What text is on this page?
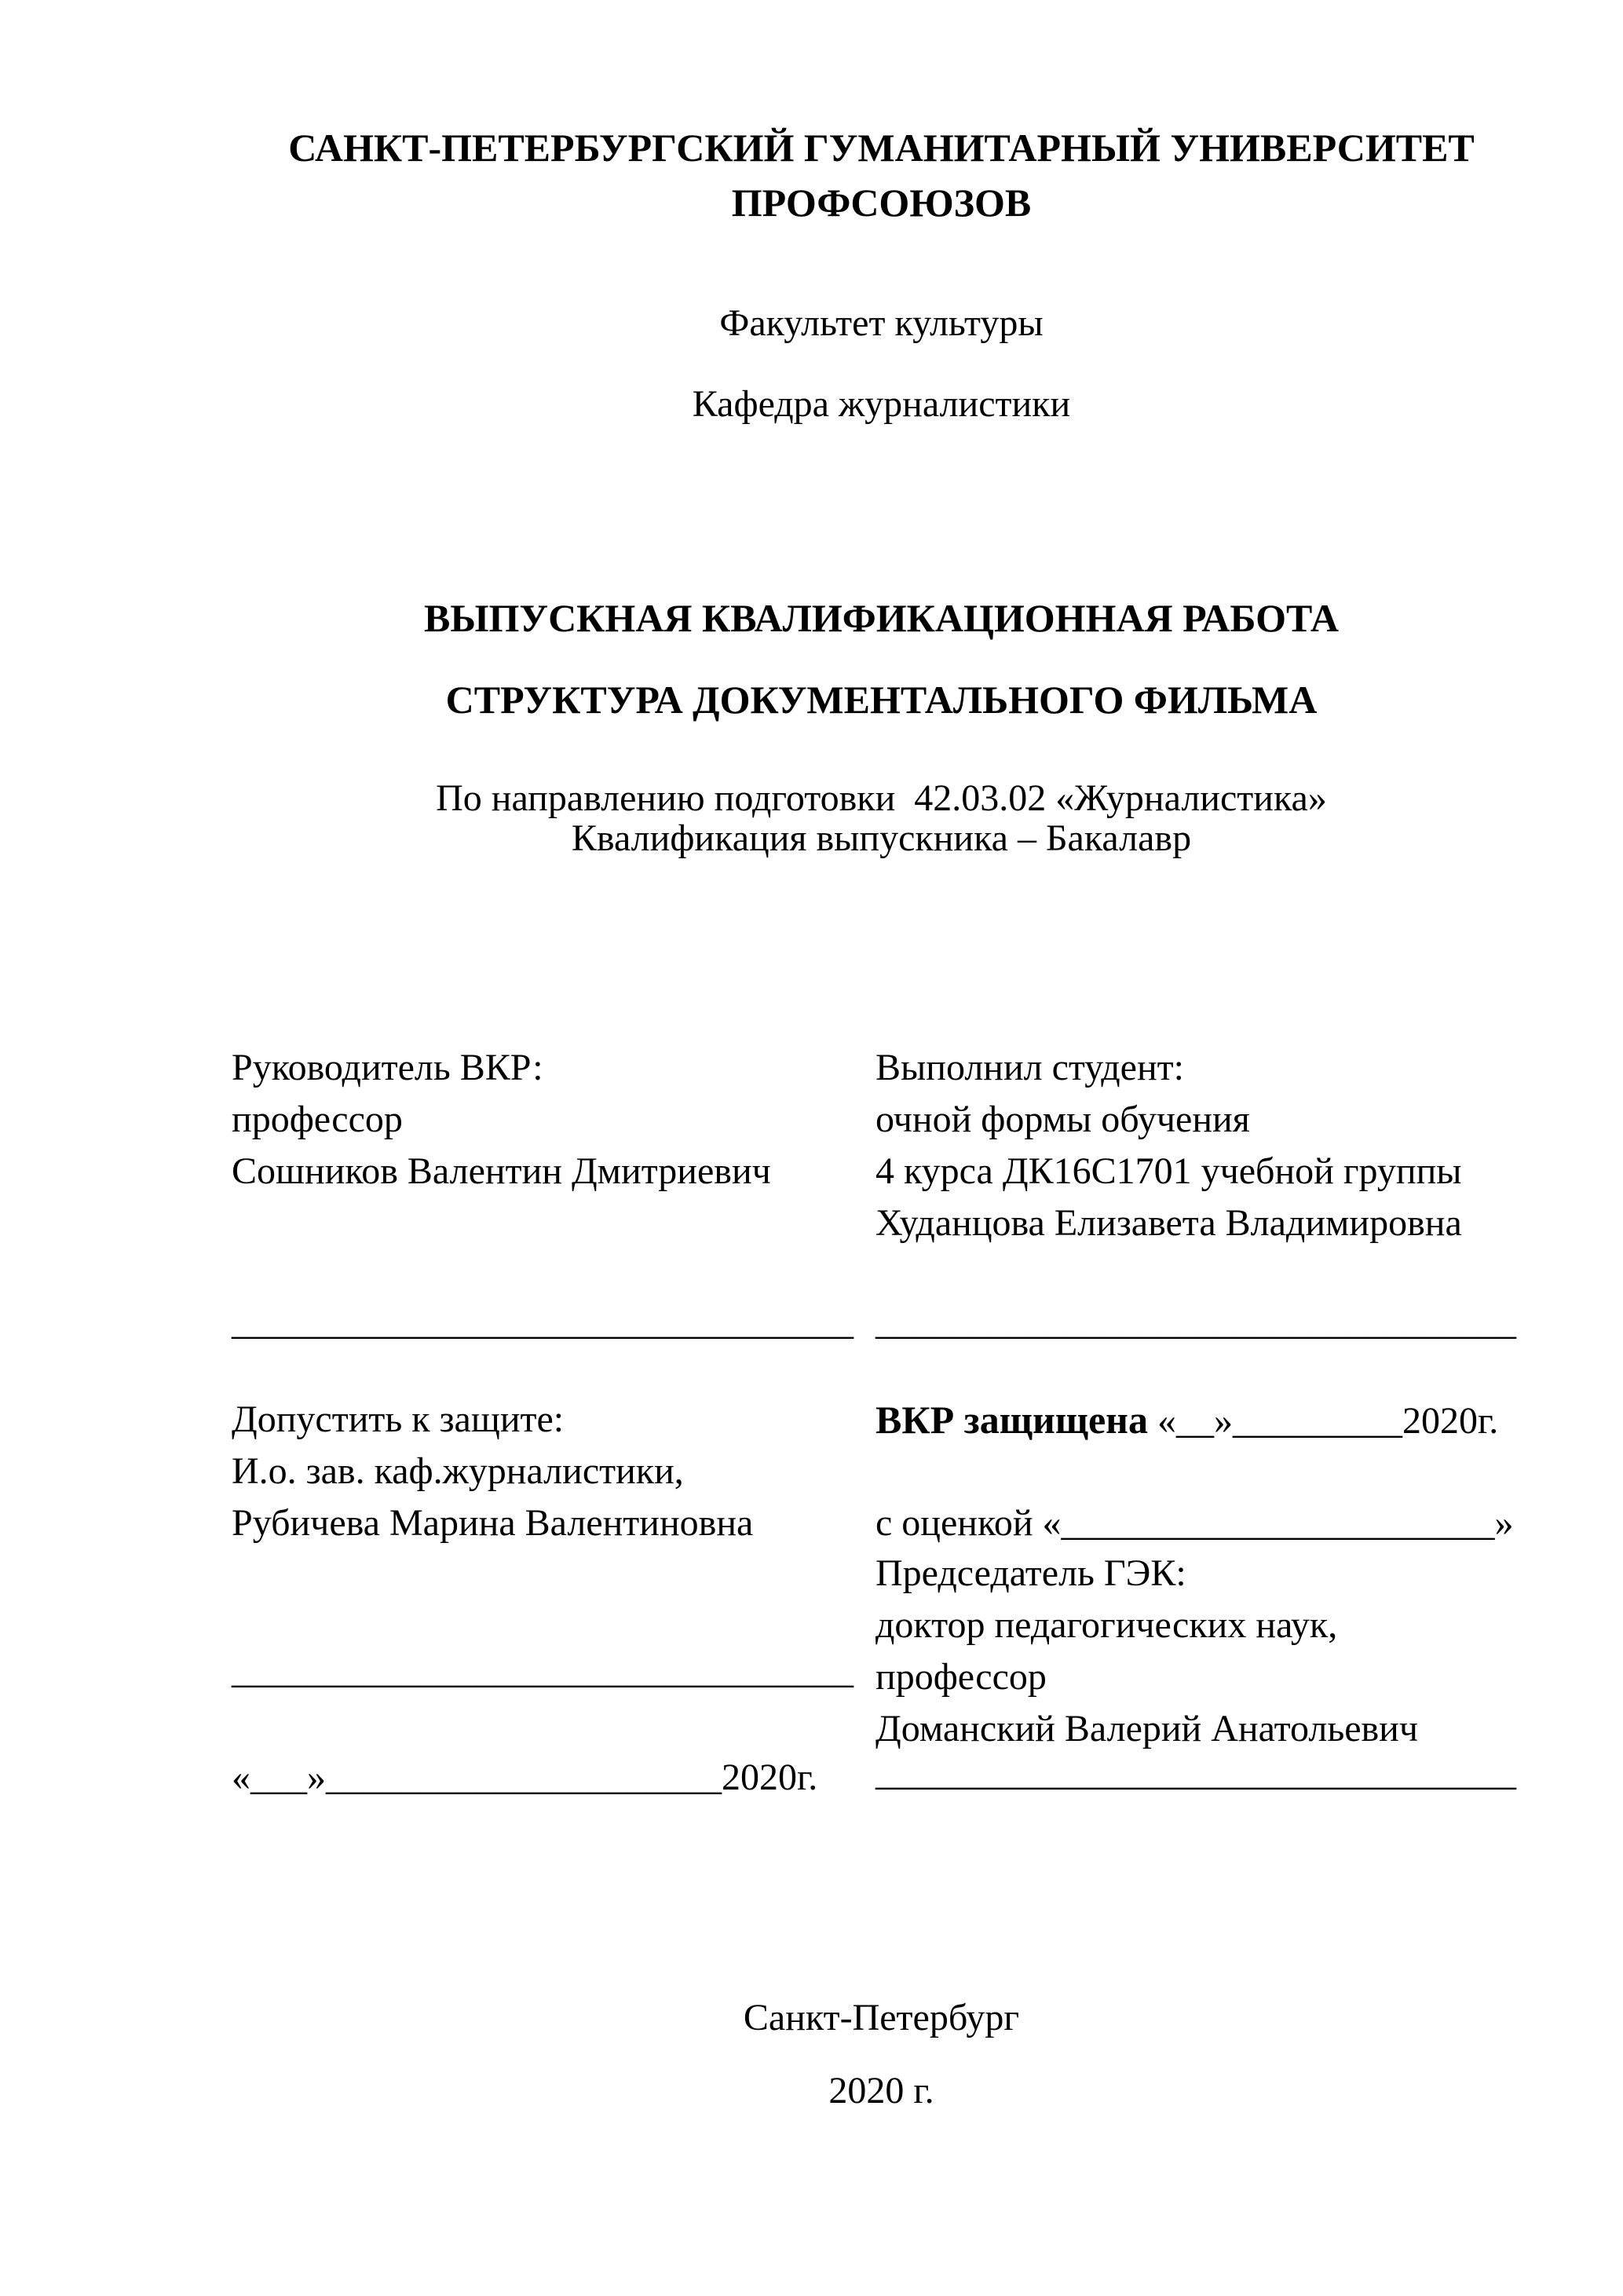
САНКТ-ПЕТЕРБУРГСКИЙ ГУМАНИТАРНЫЙ УНИВЕРСИТЕТ
ПРОФСОЮЗОВ
Факультет культуры
Кафедра журналистики
ВЫПУСКНАЯ КВАЛИФИКАЦИОННАЯ РАБОТА
СТРУКТУРА ДОКУМЕНТАЛЬНОГО ФИЛЬМА
По направлению подготовки  42.03.02 «Журналистика»
Квалификация выпускника – Бакалавр
Руководитель ВКР:
профессор
Сошников Валентин Дмитриевич
_________________________________
Выполнил студент:
очной формы обучения
4 курса ДК16С1701 учебной группы
Худанцова Елизавета Владимировна
__________________________________
Допустить к защите:
И.о. зав. каф.журналистики,
Рубичева Марина Валентиновна
_________________________________
«___»_____________________2020г.
ВКР защищена «__»_________2020г.
с оценкой «_______________________»
Председатель ГЭК:
доктор педагогических наук,
профессор
Доманский Валерий Анатольевич
__________________________________
Санкт-Петербург
2020 г.
